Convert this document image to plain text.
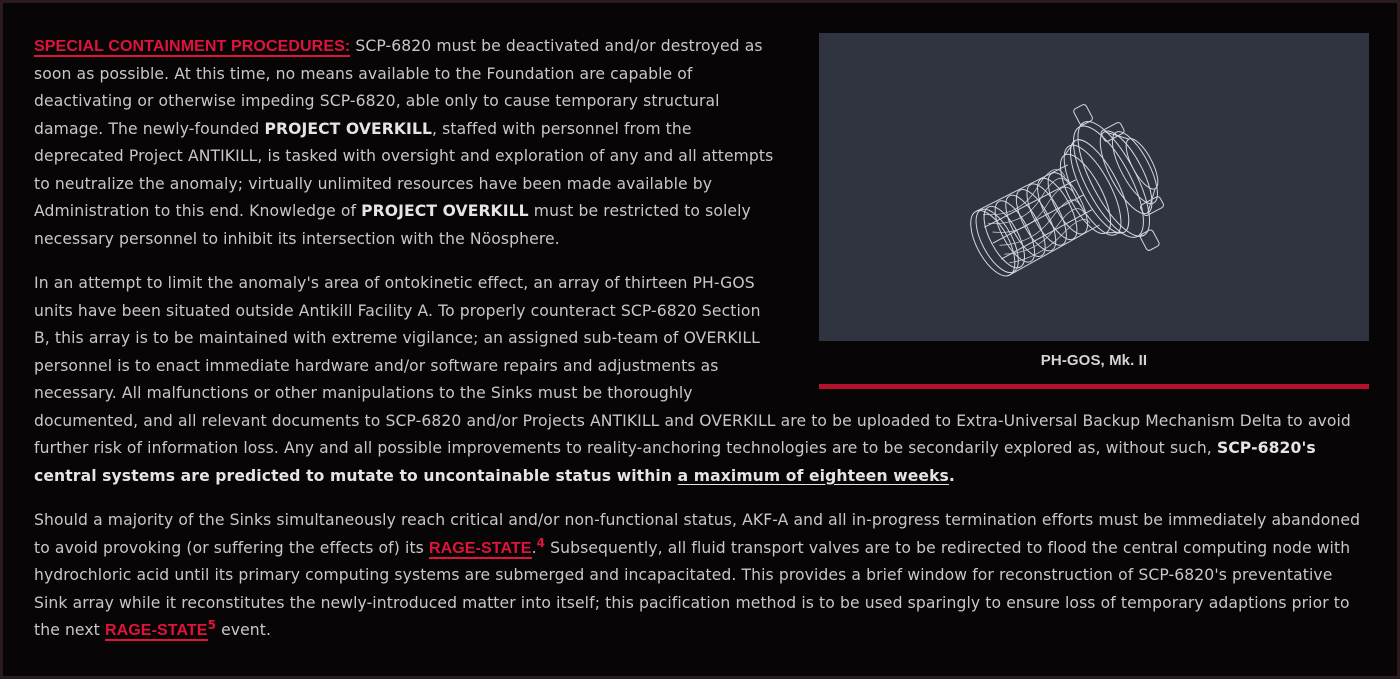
PH-GOS, Mk. II

SPECIAL CONTAINMENT PROCEDURES: SCP-6820 must be deactivated and/or destroyed as soon as possible. At this time, no means available to the Foundation are capable of deactivating or otherwise impeding SCP-6820, able only to cause temporary structural damage. The newly-founded PROJECT OVERKILL, staffed with personnel from the deprecated Project ANTIKILL, is tasked with oversight and exploration of any and all attempts to neutralize the anomaly; virtually unlimited resources have been made available by Administration to this end. Knowledge of PROJECT OVERKILL must be restricted to solely necessary personnel to inhibit its intersection with the Nöosphere.

In an attempt to limit the anomaly's area of ontokinetic effect, an array of thirteen PH-GOS units have been situated outside Antikill Facility A. To properly counteract SCP-6820 Section B, this array is to be maintained with extreme vigilance; an assigned sub-team of OVERKILL personnel is to enact immediate hardware and/or software repairs and adjustments as necessary. All malfunctions or other manipulations to the Sinks must be thoroughly documented, and all relevant documents to SCP-6820 and/or Projects ANTIKILL and OVERKILL are to be uploaded to Extra-Universal Backup Mechanism Delta to avoid further risk of information loss. Any and all possible improvements to reality-anchoring technologies are to be secondarily explored as, without such, SCP-6820's central systems are predicted to mutate to uncontainable status within a maximum of eighteen weeks.

Should a majority of the Sinks simultaneously reach critical and/or non-functional status, AKF-A and all in-progress termination efforts must be immediately abandoned to avoid provoking (or suffering the effects of) its RAGE-STATE.$^4$ Subsequently, all fluid transport valves are to be redirected to flood the central computing node with hydrochloric acid until its primary computing systems are submerged and incapacitated. This provides a brief window for reconstruction of SCP-6820's preventative Sink array while it reconstitutes the newly-introduced matter into itself; this pacification method is to be used sparingly to ensure loss of temporary adaptions prior to the next RAGE-STATE$^5$ event.
